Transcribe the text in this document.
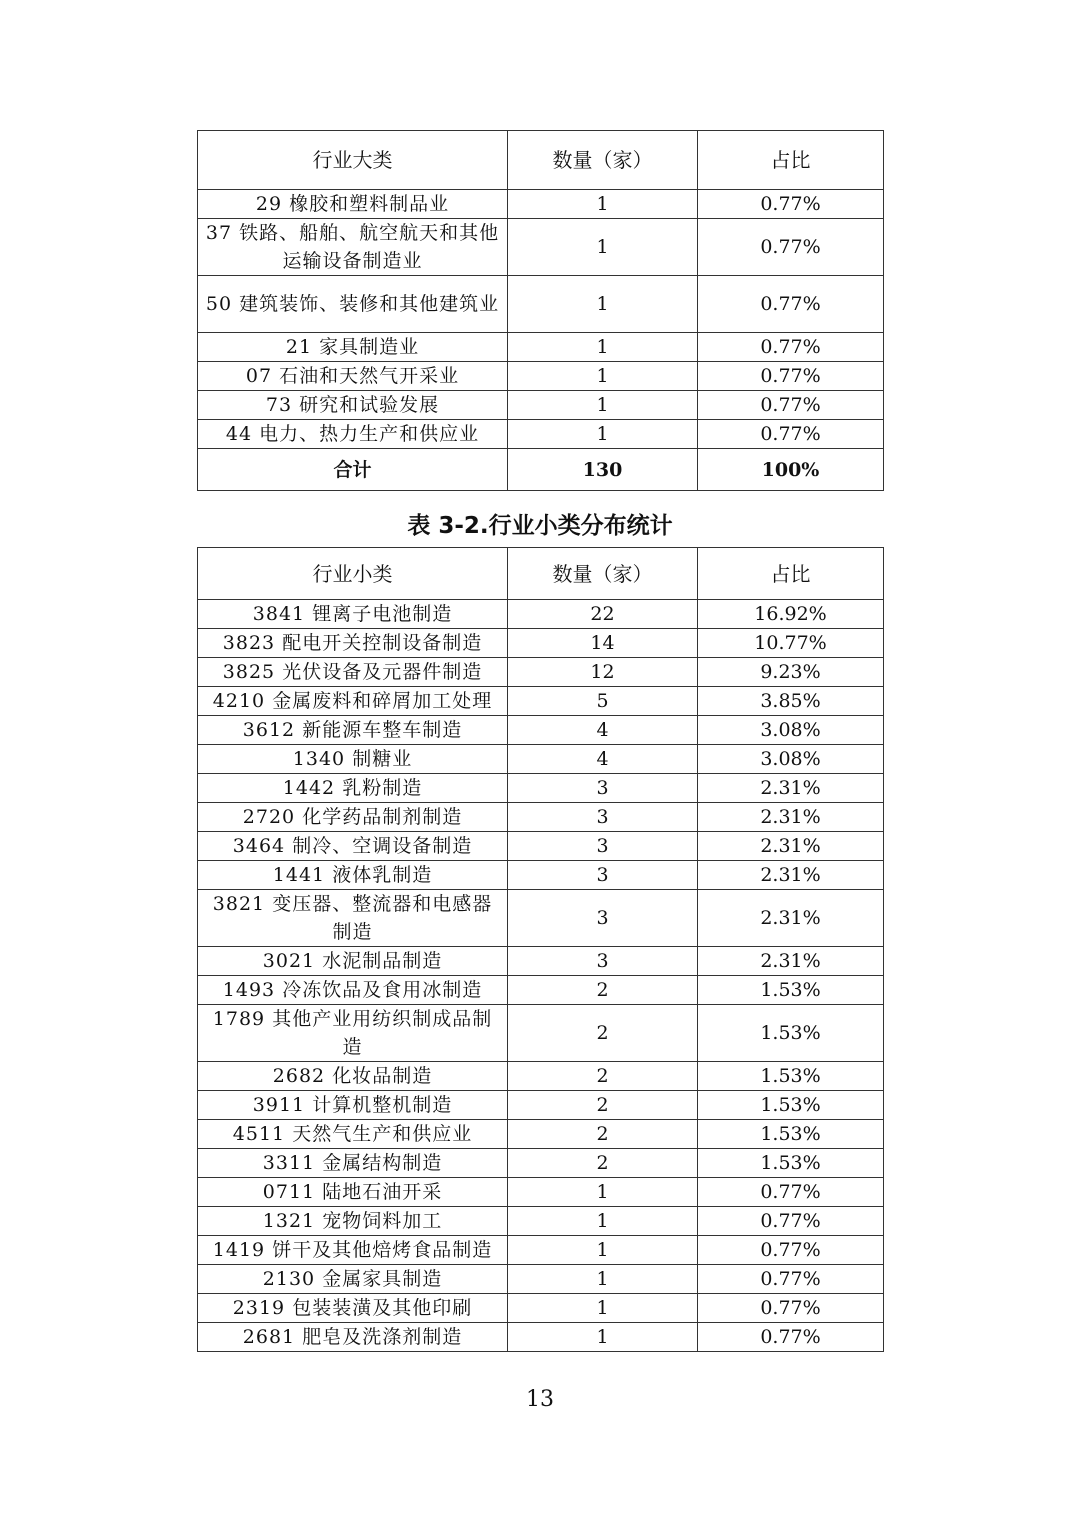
行业大类	数量（家）	占比
29 橡胶和塑料制品业	1	0.77%
37 铁路、船舶、航空航天和其他运输设备制造业	1	0.77%
50 建筑装饰、装修和其他建筑业	1	0.77%
21 家具制造业	1	0.77%
07 石油和天然气开采业	1	0.77%
73 研究和试验发展	1	0.77%
44 电力、热力生产和供应业	1	0.77%
合计	130	100%
表 3-2.行业小类分布统计
行业小类	数量（家）	占比
3841 锂离子电池制造	22	16.92%
3823 配电开关控制设备制造	14	10.77%
3825 光伏设备及元器件制造	12	9.23%
4210 金属废料和碎屑加工处理	5	3.85%
3612 新能源车整车制造	4	3.08%
1340 制糖业	4	3.08%
1442 乳粉制造	3	2.31%
2720 化学药品制剂制造	3	2.31%
3464 制冷、空调设备制造	3	2.31%
1441 液体乳制造	3	2.31%
3821 变压器、整流器和电感器制造	3	2.31%
3021 水泥制品制造	3	2.31%
1493 冷冻饮品及食用冰制造	2	1.53%
1789 其他产业用纺织制成品制造	2	1.53%
2682 化妆品制造	2	1.53%
3911 计算机整机制造	2	1.53%
4511 天然气生产和供应业	2	1.53%
3311 金属结构制造	2	1.53%
0711 陆地石油开采	1	0.77%
1321 宠物饲料加工	1	0.77%
1419 饼干及其他焙烤食品制造	1	0.77%
2130 金属家具制造	1	0.77%
2319 包装装潢及其他印刷	1	0.77%
2681 肥皂及洗涤剂制造	1	0.77%
13
